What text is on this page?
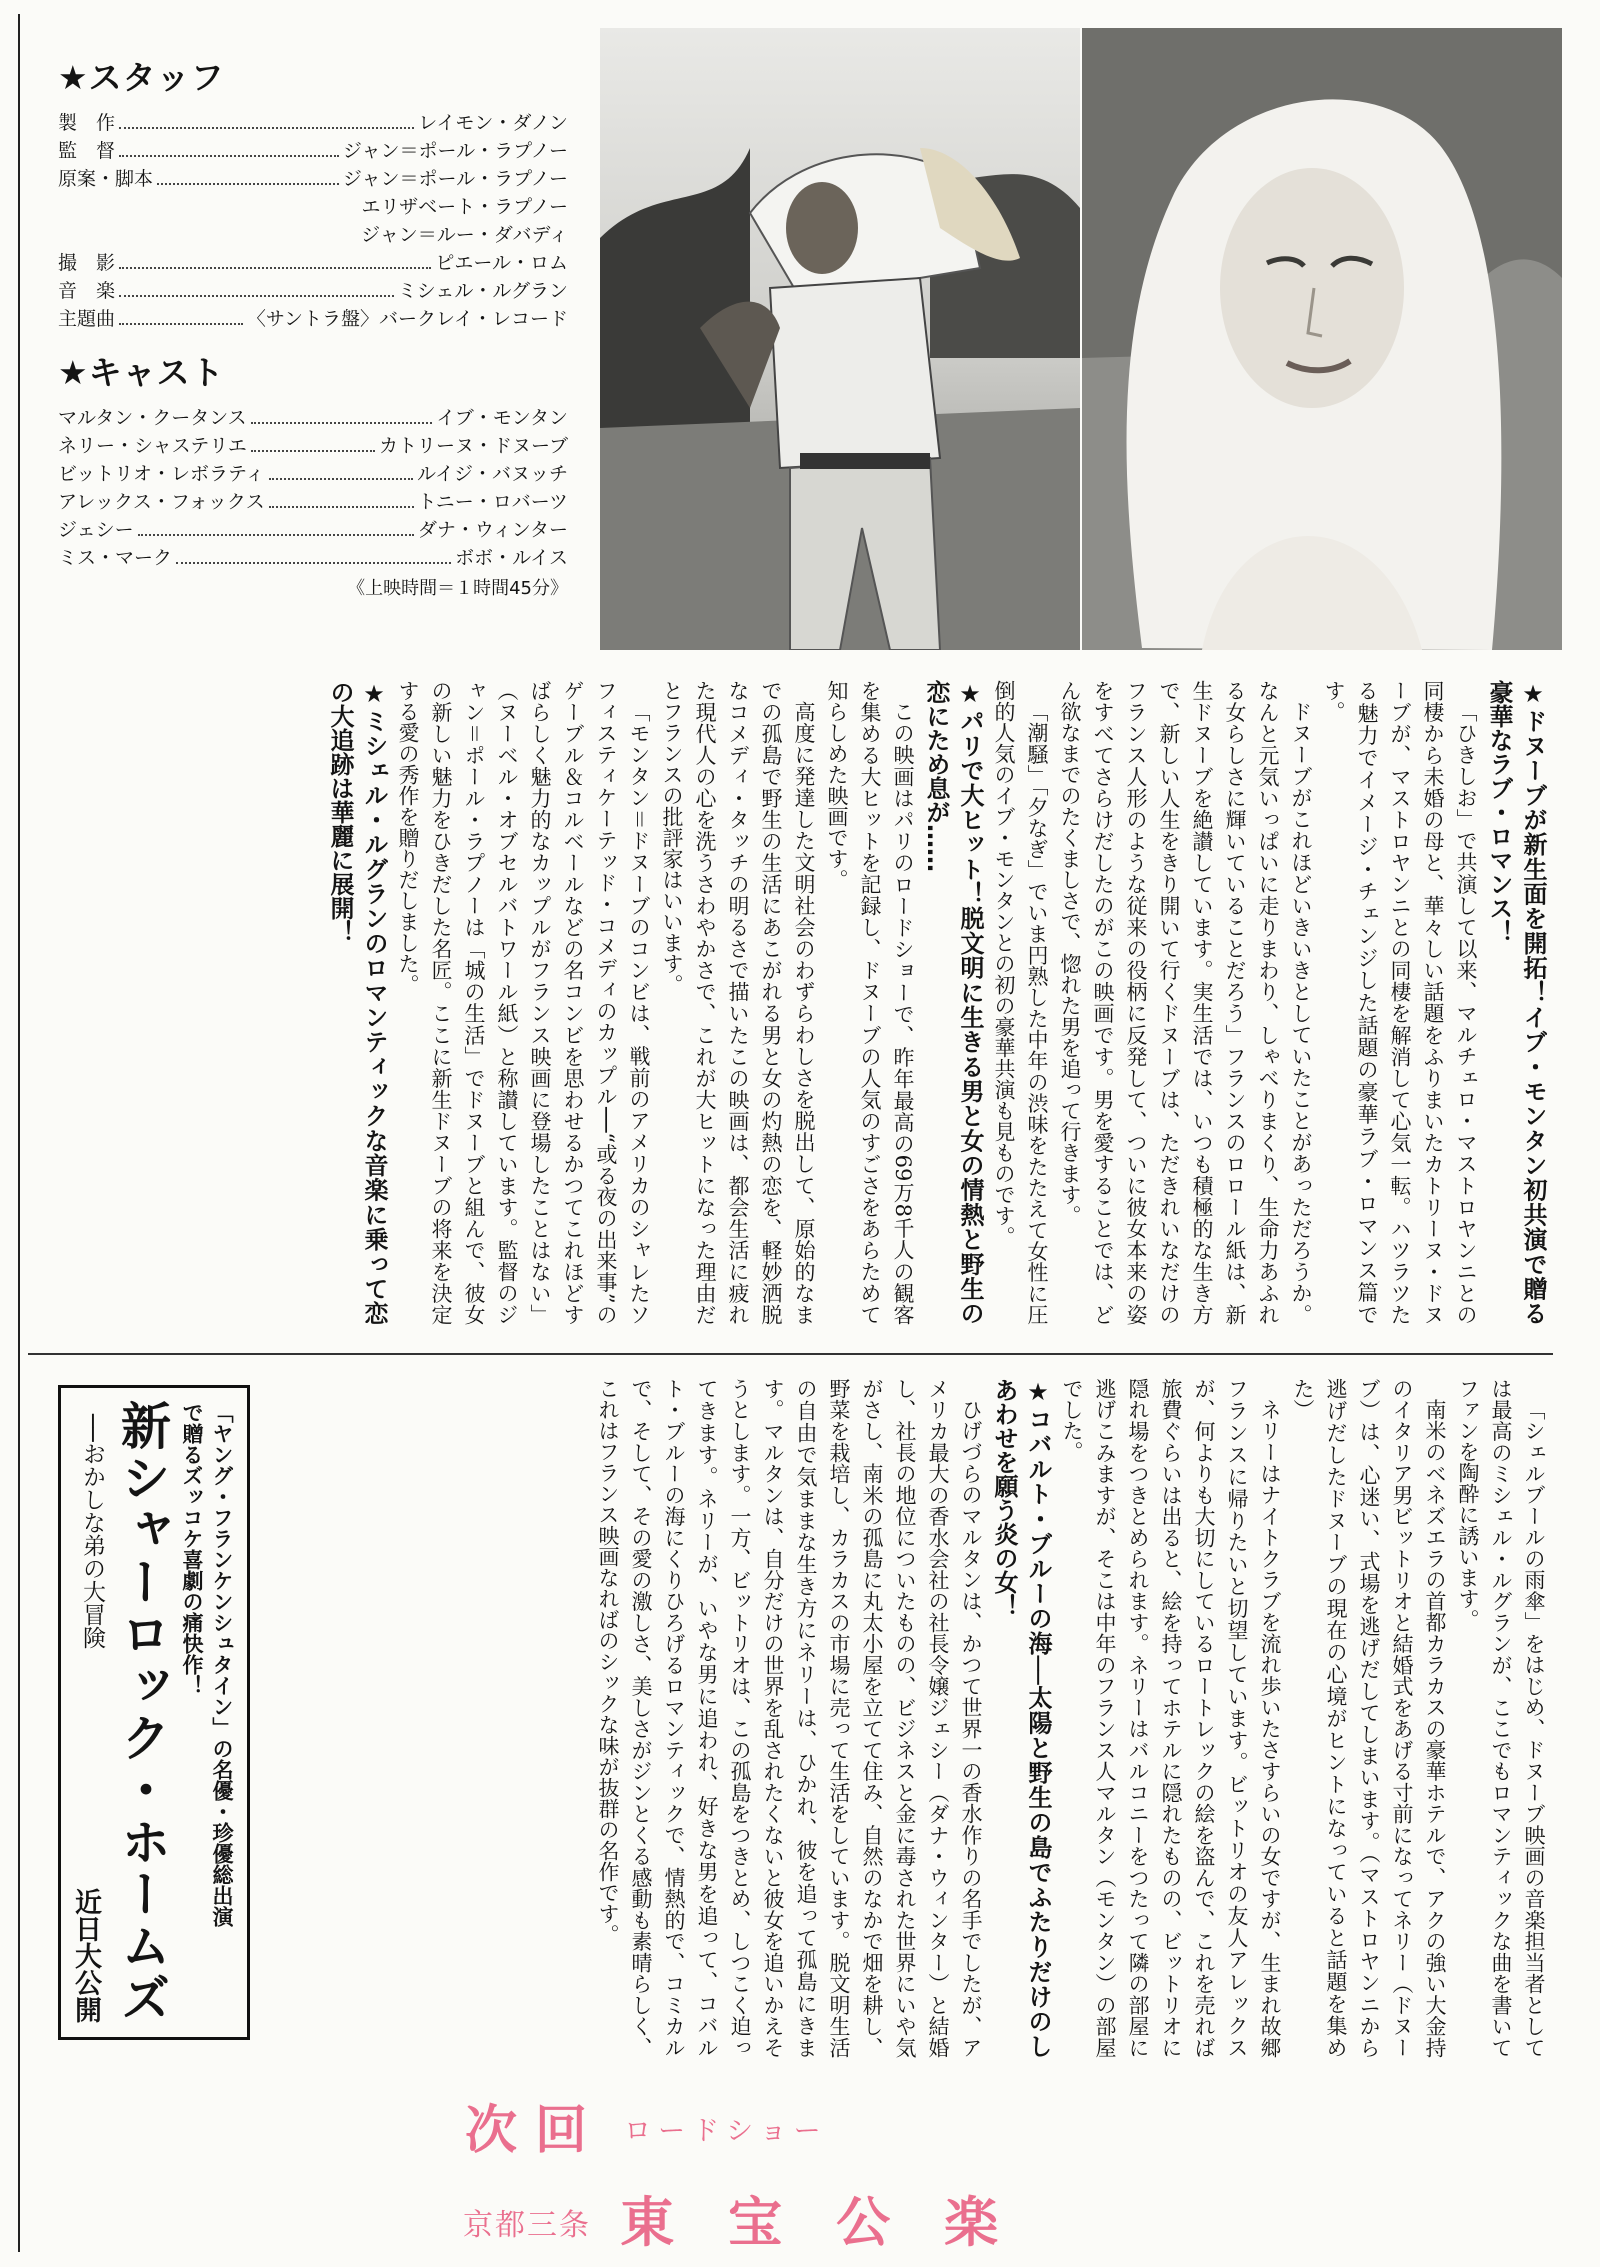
★スタッフ
製　作	レイモン・ダノン
監　督	ジャン＝ポール・ラプノー
原案・脚本	ジャン＝ポール・ラプノー
エリザベート・ラプノー
ジャン＝ルー・ダバディ
撮　影	ピエール・ロム
音　楽	ミシェル・ルグラン
主題曲	〈サントラ盤〉バークレイ・レコード
★キャスト
マルタン・クータンス	イブ・モンタン
ネリー・シャステリエ	カトリーヌ・ドヌーブ
ビットリオ・レボラティ	ルイジ・バヌッチ
アレックス・フォックス	トニー・ロバーツ
ジェシー	ダナ・ウィンター
ミス・マーク	ボボ・ルイス
《上映時間＝１時間45分》

★ドヌーブが新生面を開拓！イブ・モンタン初共演で贈る豪華なラブ・ロマンス！

「ひきしお」で共演して以来、マルチェロ・マストロヤンニとの同棲から未婚の母と、華々しい話題をふりまいたカトリーヌ・ドヌーブが、マストロヤンニとの同棲を解消して心気一転。ハツラツたる魅力でイメージ・チェンジした話題の豪華ラブ・ロマンス篇です。

ドヌーブがこれほどいきいきとしていたことがあっただろうか。なんと元気いっぱいに走りまわり、しゃべりまくり、生命力あふれる女らしさに輝いていることだろう」フランスのロロール紙は、新生ドヌーブを絶讃しています。実生活では、いつも積極的な生き方で、新しい人生をきり開いて行くドヌーブは、ただきれいなだけのフランス人形のような従来の役柄に反発して、ついに彼女本来の姿をすべてさらけだしたのがこの映画です。男を愛することでは、どん欲なまでのたくましさで、惚れた男を追って行きます。

「潮騒」「夕なぎ」でいま円熟した中年の渋味をたたえて女性に圧倒的人気のイブ・モンタンとの初の豪華共演も見ものです。

★パリで大ヒット！脱文明に生きる男と女の情熱と野生の恋にため息が……

この映画はパリのロードショーで、昨年最高の69万8千人の観客を集める大ヒットを記録し、ドヌーブの人気のすごさをあらためて知らしめた映画です。

高度に発達した文明社会のわずらわしさを脱出して、原始的なまでの孤島で野生の生活にあこがれる男と女の灼熱の恋を、軽妙洒脱なコメディ・タッチの明るさで描いたこの映画は、都会生活に疲れた現代人の心を洗うさわやかさで、これが大ヒットになった理由だとフランスの批評家はいいます。

「モンタン＝ドヌーブのコンビは、戦前のアメリカのシャレたソフィスティケーテッド・コメディのカップル──“或る夜の出来事”のゲーブル＆コルベールなどの名コンビを思わせるかつてこれほどすばらしく魅力的なカップルがフランス映画に登場したことはない」（ヌーベル・オブセルバトワール紙）と称讃しています。監督のジャン＝ポール・ラプノーは「城の生活」でドヌーブと組んで、彼女の新しい魅力をひきだした名匠。ここに新生ドヌーブの将来を決定する愛の秀作を贈りだしました。

★ミシェル・ルグランのロマンティックな音楽に乗って恋の大追跡は華麗に展開！

「シェルブールの雨傘」をはじめ、ドヌーブ映画の音楽担当者としては最高のミシェル・ルグランが、ここでもロマンティックな曲を書いてファンを陶酔に誘います。

南米のベネズエラの首都カラカスの豪華ホテルで、アクの強い大金持のイタリア男ビットリオと結婚式をあげる寸前になってネリー（ドヌーブ）は、心迷い、式場を逃げだしてしまいます。（マストロヤンニから逃げだしたドヌーブの現在の心境がヒントになっていると話題を集めた）

ネリーはナイトクラブを流れ歩いたさすらいの女ですが、生まれ故郷フランスに帰りたいと切望しています。ビットリオの友人アレックスが、何よりも大切にしているロートレックの絵を盗んで、これを売れば旅費ぐらいは出ると、絵を持ってホテルに隠れたものの、ビットリオに隠れ場をつきとめられます。ネリーはバルコニーをつたって隣の部屋に逃げこみますが、そこは中年のフランス人マルタン（モンタン）の部屋でした。

★コバルト・ブルーの海──太陽と野生の島でふたりだけのしあわせを願う炎の女！

ひげづらのマルタンは、かつて世界一の香水作りの名手でしたが、アメリカ最大の香水会社の社長令嬢ジェシー（ダナ・ウィンター）と結婚し、社長の地位についたものの、ビジネスと金に毒された世界にいや気がさし、南米の孤島に丸太小屋を立てて住み、自然のなかで畑を耕し、野菜を栽培し、カラカスの市場に売って生活をしています。脱文明生活の自由で気ままな生き方にネリーは、ひかれ、彼を追って孤島にきます。マルタンは、自分だけの世界を乱されたくないと彼女を追いかえそうとします。一方、ビットリオは、この孤島をつきとめ、しつこく迫ってきます。ネリーが、いやな男に追われ、好きな男を追って、コバルト・ブルーの海にくりひろげるロマンティックで、情熱的で、コミカルで、そして、その愛の激しさ、美しさがジンとくる感動も素晴らしく、これはフランス映画なればのシックな味が抜群の名作です。

「ヤング・フランケンシュタイン」の名優・珍優総出演
で贈るズッコケ喜劇の痛快作！
新シャーロック・ホームズ
──おかしな弟の大冒険
近日大公開
次回 ロードショー
京都三条 東　宝　公　楽
